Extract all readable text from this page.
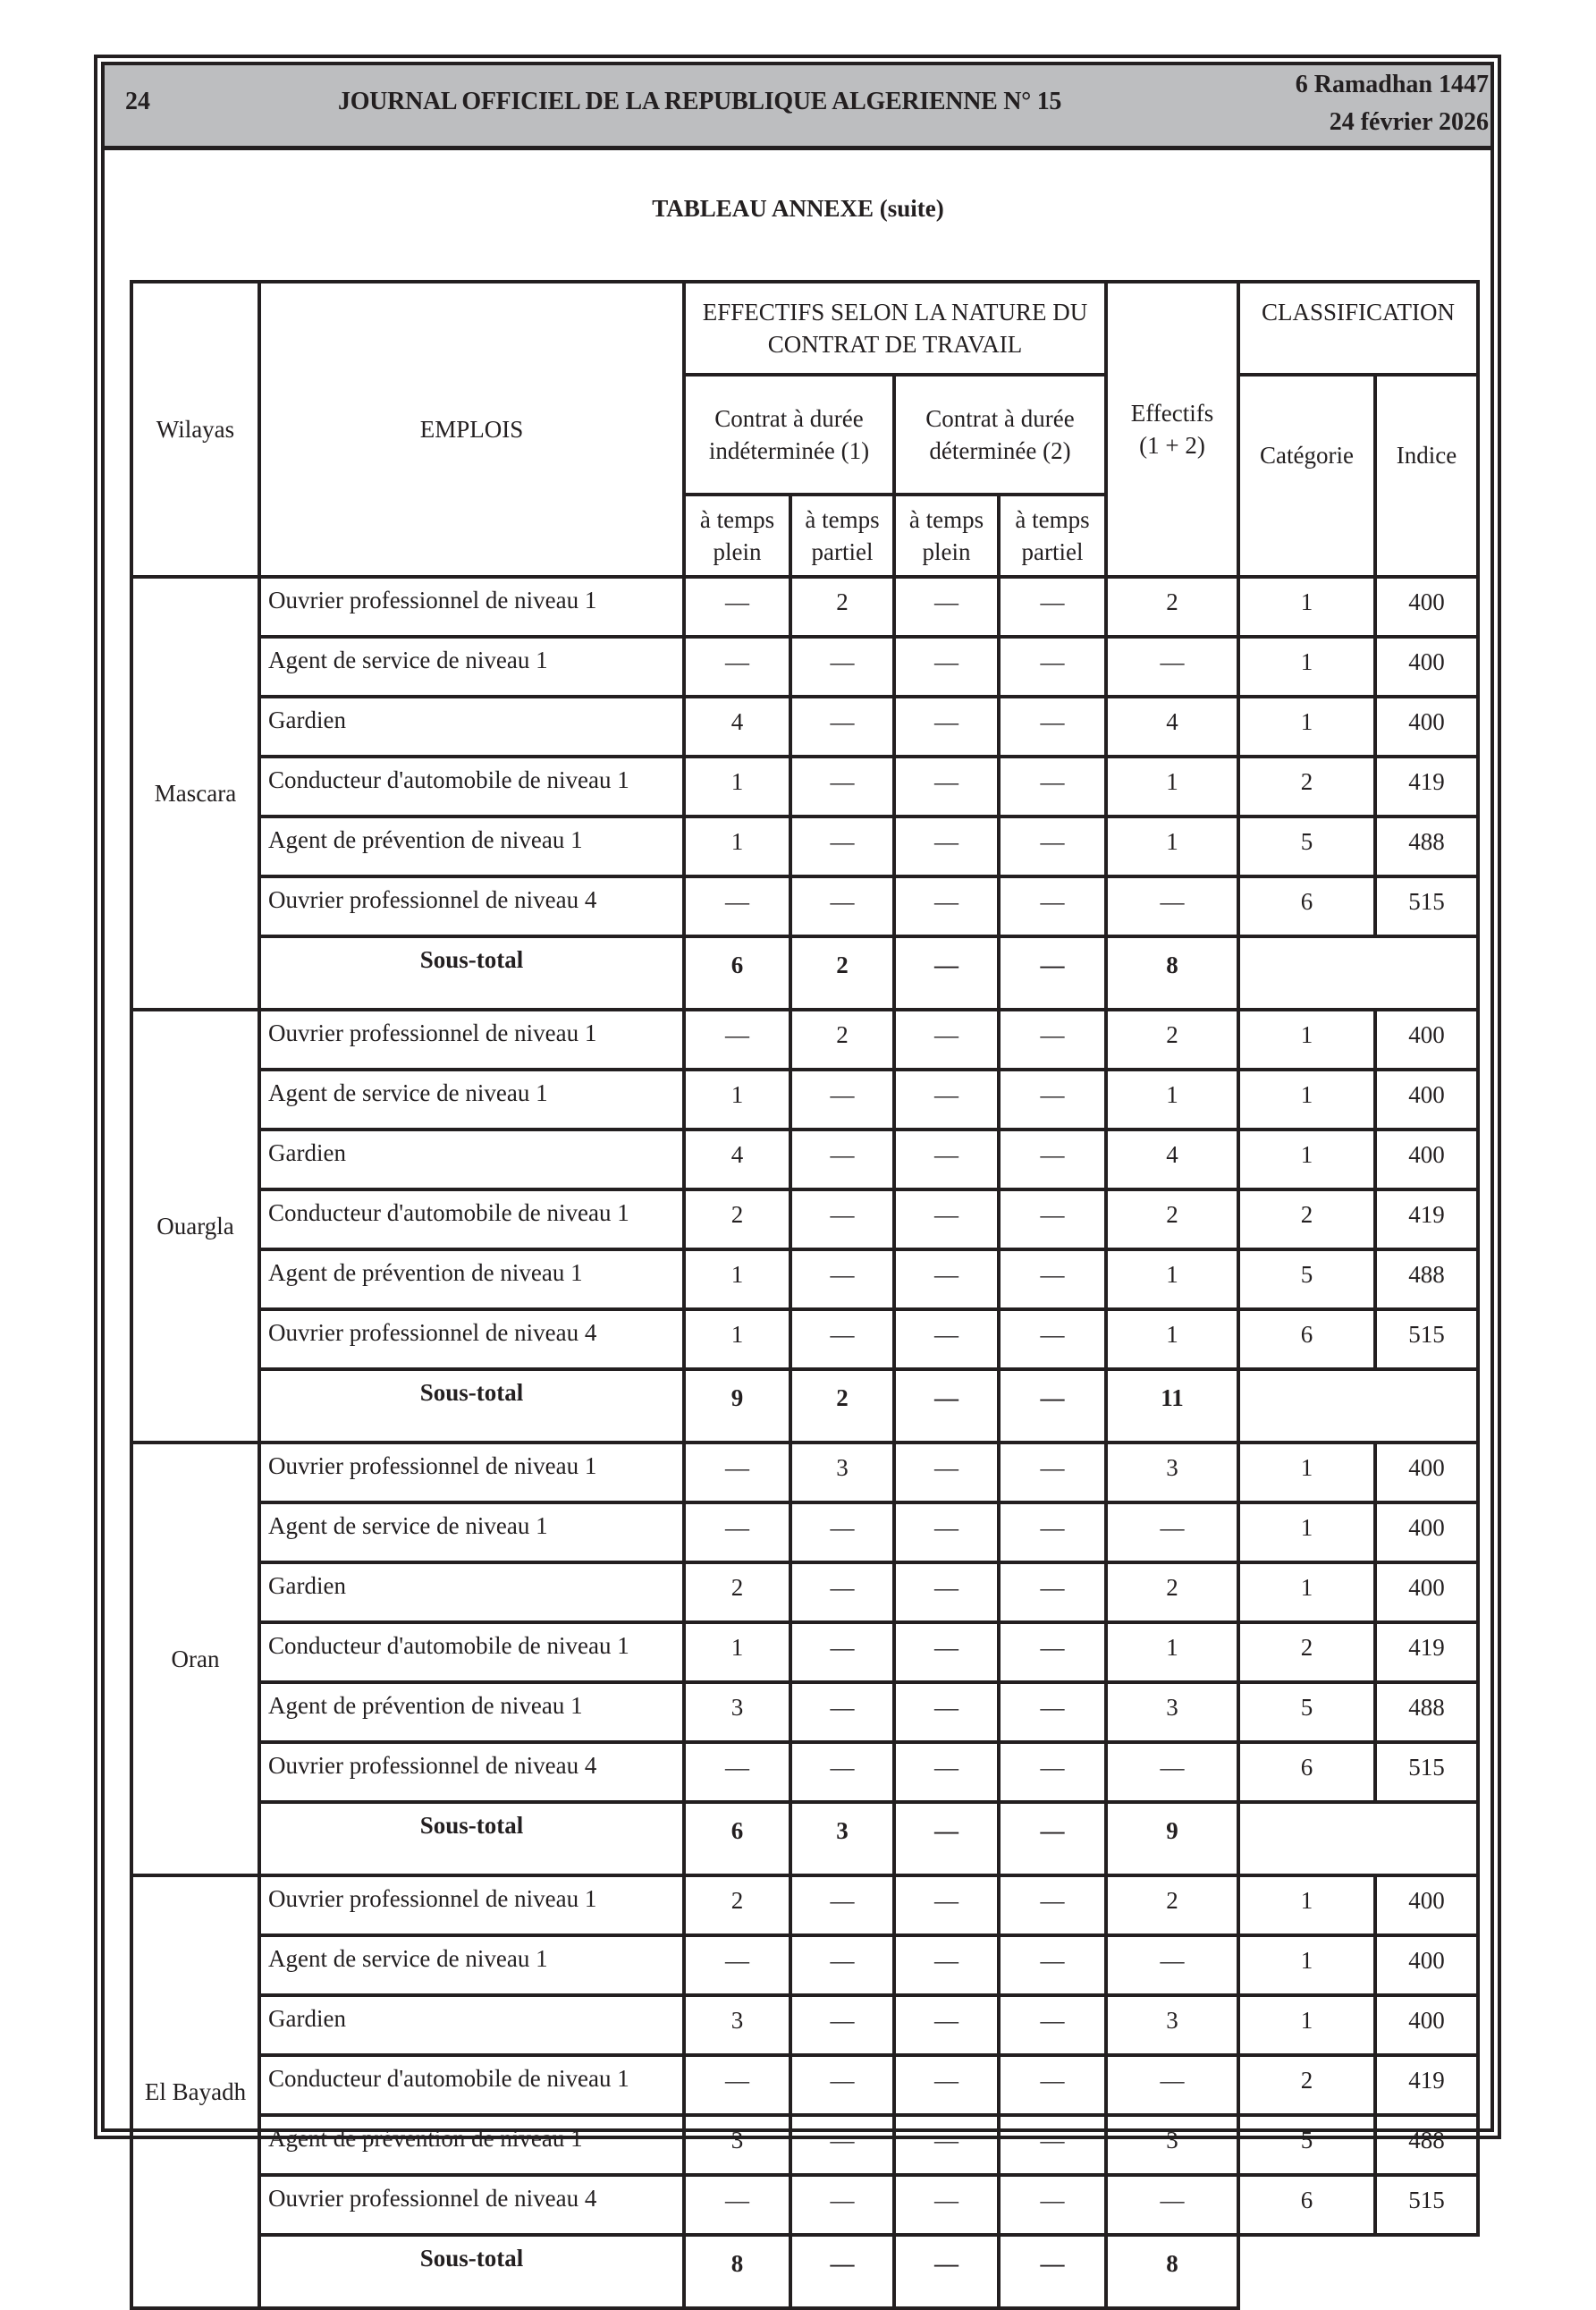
24	JOURNAL OFFICIEL DE LA REPUBLIQUE ALGERIENNE N° 15
6 Ramadhan 1447
24 février 2026
TABLEAU ANNEXE (suite)
Wilayas	EMPLOIS	EFFECTIFS SELON LA NATURE DU CONTRAT DE TRAVAIL				Effectifs (1 + 2)	CLASSIFICATION	
		Contrat à durée indéterminée (1)		Contrat à durée déterminée (2)			Catégorie	Indice
		à temps plein	à temps partiel	à temps plein	à temps partiel			
Mascara	Ouvrier professionnel de niveau 1	—	2	—	—	2	1	400
	Agent de service de niveau 1	—	—	—	—	—	1	400
	Gardien	4	—	—	—	4	1	400
	Conducteur d'automobile de niveau 1	1	—	—	—	1	2	419
	Agent de prévention de niveau 1	1	—	—	—	1	5	488
	Ouvrier professionnel de niveau 4	—	—	—	—	—	6	515
	Sous-total	6	2	—	—	8		
Ouargla	Ouvrier professionnel de niveau 1	—	2	—	—	2	1	400
	Agent de service de niveau 1	1	—	—	—	1	1	400
	Gardien	4	—	—	—	4	1	400
	Conducteur d'automobile de niveau 1	2	—	—	—	2	2	419
	Agent de prévention de niveau 1	1	—	—	—	1	5	488
	Ouvrier professionnel de niveau 4	1	—	—	—	1	6	515
	Sous-total	9	2	—	—	11		
Oran	Ouvrier professionnel de niveau 1	—	3	—	—	3	1	400
	Agent de service de niveau 1	—	—	—	—	—	1	400
	Gardien	2	—	—	—	2	1	400
	Conducteur d'automobile de niveau 1	1	—	—	—	1	2	419
	Agent de prévention de niveau 1	3	—	—	—	3	5	488
	Ouvrier professionnel de niveau 4	—	—	—	—	—	6	515
	Sous-total	6	3	—	—	9		
El Bayadh	Ouvrier professionnel de niveau 1	2	—	—	—	2	1	400
	Agent de service de niveau 1	—	—	—	—	—	1	400
	Gardien	3	—	—	—	3	1	400
	Conducteur d'automobile de niveau 1	—	—	—	—	—	2	419
	Agent de prévention de niveau 1	3	—	—	—	3	5	488
	Ouvrier professionnel de niveau 4	—	—	—	—	—	6	515
	Sous-total	8	—	—	—	8		
